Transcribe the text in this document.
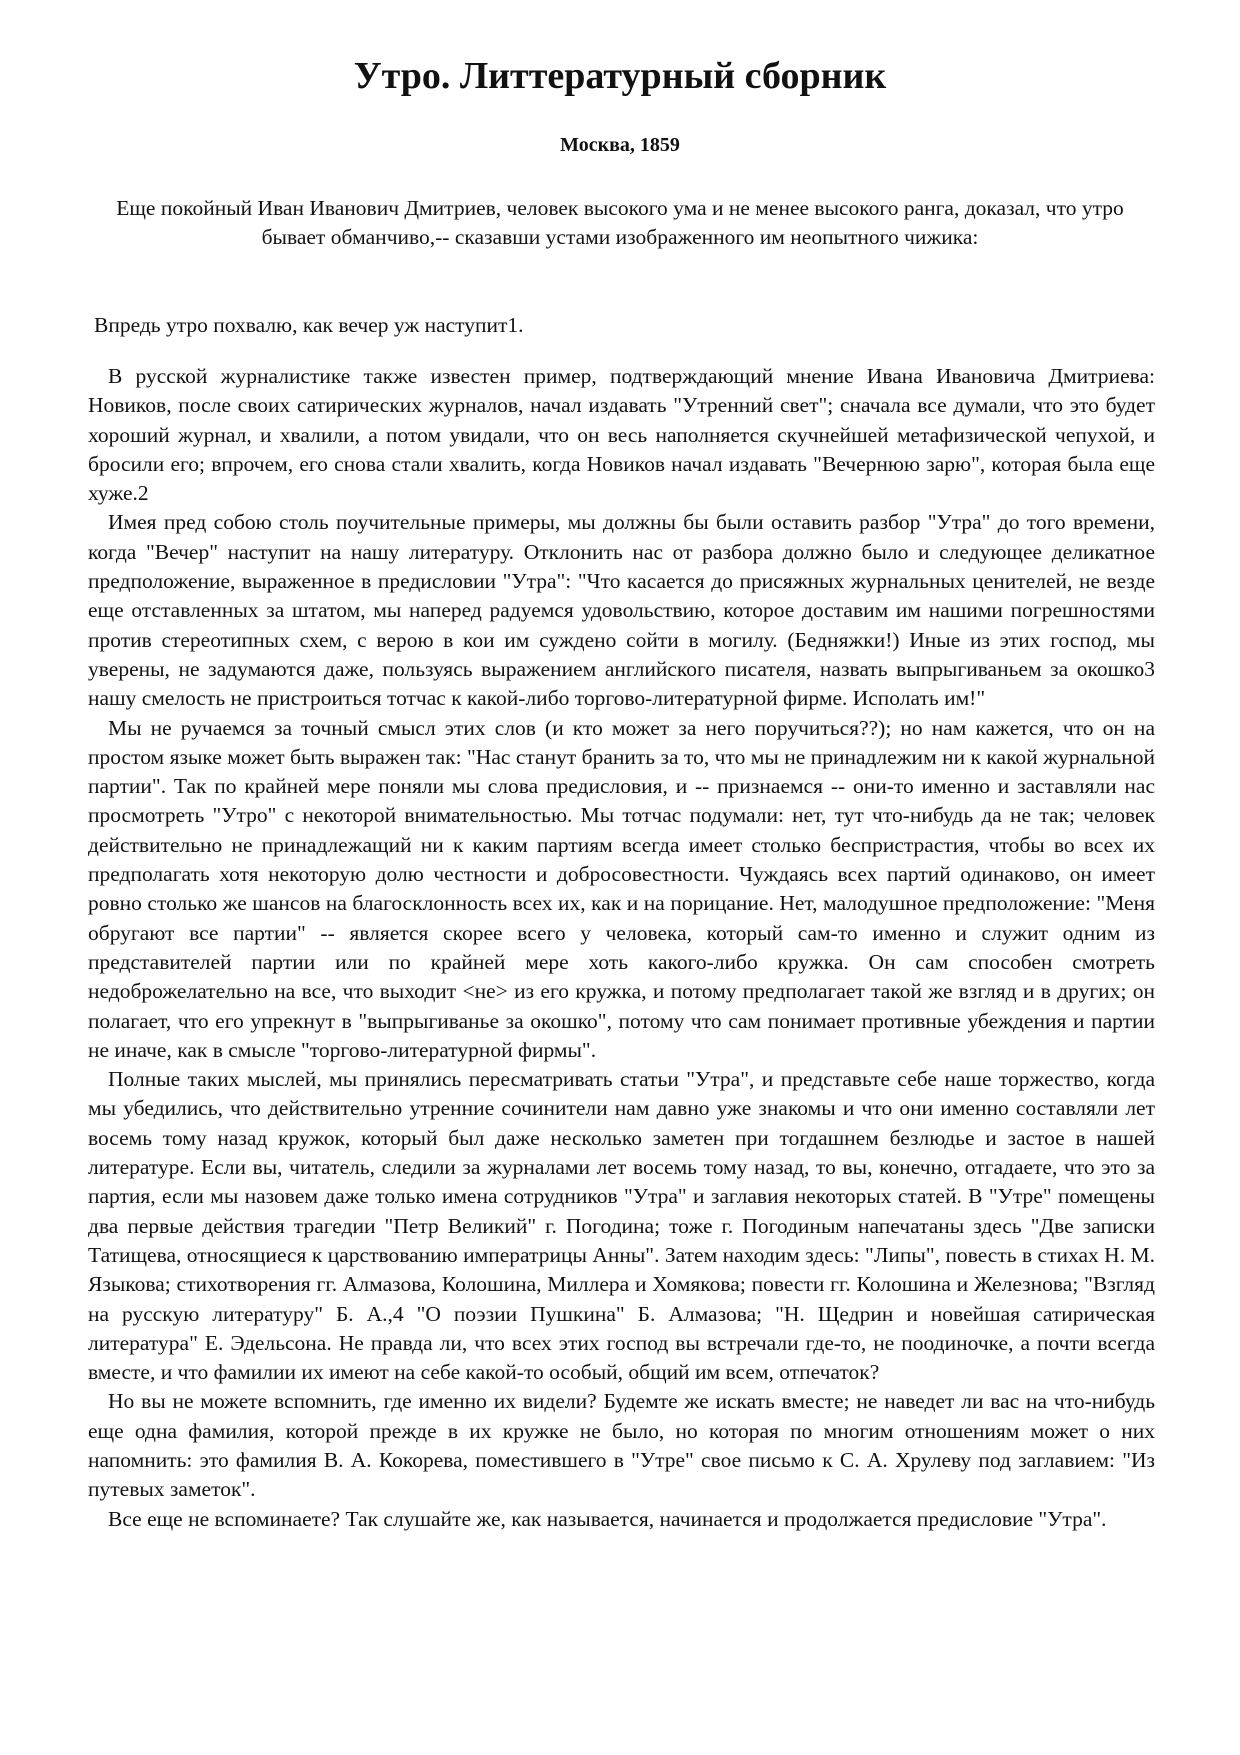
Утро. Литтературный сборник

Москва, 1859

Еще покойный Иван Иванович Дмитриев, человек высокого ума и не менее высокого ранга, доказал, что утро бывает обманчиво,-- сказавши устами изображенного им неопытного чижика:

Впредь утро похвалю, как вечер уж наступит1.

В русской журналистике также известен пример, подтверждающий мнение Ивана Ивановича Дмитриева: Новиков, после своих сатирических журналов, начал издавать "Утренний свет"; сначала все думали, что это будет хороший журнал, и хвалили, а потом увидали, что он весь наполняется скучнейшей метафизической чепухой, и бросили его; впрочем, его снова стали хвалить, когда Новиков начал издавать "Вечернюю зарю", которая была еще хуже.2

Имея пред собою столь поучительные примеры, мы должны бы были оставить разбор "Утра" до того времени, когда "Вечер" наступит на нашу литературу. Отклонить нас от разбора должно было и следующее деликатное предположение, выраженное в предисловии "Утра": "Что касается до присяжных журнальных ценителей, не везде еще отставленных за штатом, мы наперед радуемся удовольствию, которое доставим им нашими погрешностями против стереотипных схем, с верою в кои им суждено сойти в могилу. (Бедняжки!) Иные из этих господ, мы уверены, не задумаются даже, пользуясь выражением английского писателя, назвать выпрыгиваньем за окошко3 нашу смелость не пристроиться тотчас к какой-либо торгово-литературной фирме. Исполать им!"

Мы не ручаемся за точный смысл этих слов (и кто может за него поручиться??); но нам кажется, что он на простом языке может быть выражен так: "Нас станут бранить за то, что мы не принадлежим ни к какой журнальной партии". Так по крайней мере поняли мы слова предисловия, и -- признаемся -- они-то именно и заставляли нас просмотреть "Утро" с некоторой внимательностью. Мы тотчас подумали: нет, тут что-нибудь да не так; человек действительно не принадлежащий ни к каким партиям всегда имеет столько беспристрастия, чтобы во всех их предполагать хотя некоторую долю честности и добросовестности. Чуждаясь всех партий одинаково, он имеет ровно столько же шансов на благосклонность всех их, как и на порицание. Нет, малодушное предположение: "Меня обругают все партии" -- является скорее всего у человека, который сам-то именно и служит одним из представителей партии или по крайней мере хоть какого-либо кружка. Он сам способен смотреть недоброжелательно на все, что выходит <не> из его кружка, и потому предполагает такой же взгляд и в других; он полагает, что его упрекнут в "выпрыгиванье за окошко", потому что сам понимает противные убеждения и партии не иначе, как в смысле "торгово-литературной фирмы".

Полные таких мыслей, мы принялись пересматривать статьи "Утра", и представьте себе наше торжество, когда мы убедились, что действительно утренние сочинители нам давно уже знакомы и что они именно составляли лет восемь тому назад кружок, который был даже несколько заметен при тогдашнем безлюдье и застое в нашей литературе. Если вы, читатель, следили за журналами лет восемь тому назад, то вы, конечно, отгадаете, что это за партия, если мы назовем даже только имена сотрудников "Утра" и заглавия некоторых статей. В "Утре" помещены два первые действия трагедии "Петр Великий" г. Погодина; тоже г. Погодиным напечатаны здесь "Две записки Татищева, относящиеся к царствованию императрицы Анны". Затем находим здесь: "Липы", повесть в стихах Н. М. Языкова; стихотворения гг. Алмазова, Колошина, Миллера и Хомякова; повести гг. Колошина и Железнова; "Взгляд на русскую литературу" Б. А.,4 "О поэзии Пушкина" Б. Алмазова; "Н. Щедрин и новейшая сатирическая литература" Е. Эдельсона. Не правда ли, что всех этих господ вы встречали где-то, не поодиночке, а почти всегда вместе, и что фамилии их имеют на себе какой-то особый, общий им всем, отпечаток?

Но вы не можете вспомнить, где именно их видели? Будемте же искать вместе; не наведет ли вас на что-нибудь еще одна фамилия, которой прежде в их кружке не было, но которая по многим отношениям может о них напомнить: это фамилия В. А. Кокорева, поместившего в "Утре" свое письмо к С. А. Хрулеву под заглавием: "Из путевых заметок".

Все еще не вспоминаете? Так слушайте же, как называется, начинается и продолжается предисловие "Утра".
